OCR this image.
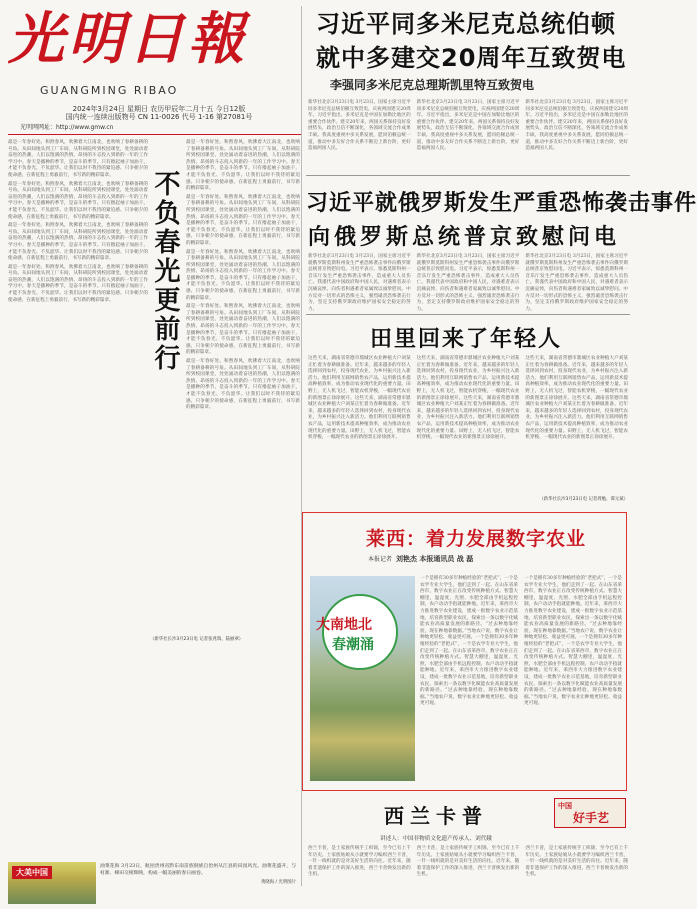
光明日報
GUANGMING RIBAO
2024年3月24日 星期日 农历甲辰年二月十五 今日12版
国内统一连续出版物号 CN 11-0026 代号 1-16 第27081号
光明网网址：http://www.gmw.cn
最是一年春好处。和煦春风，吹拂着大江南北，也吹响了春耕备耕的号角。从田间地头到工厂车间，从科研院所到校园课堂，处处涌动着奋进的热潮，人们以饱满的热情、昂扬的斗志投入到新的一年的工作学习中。春天是播种的季节，是奋斗的季节。只有撸起袖子加油干，才能不负春光、不负韶华。让我们以时不我待的紧迫感、只争朝夕的使命感，在新征程上勇毅前行，书写新的精彩篇章。
最是一年春好处。和煦春风，吹拂着大江南北，也吹响了春耕备耕的号角。从田间地头到工厂车间，从科研院所到校园课堂，处处涌动着奋进的热潮，人们以饱满的热情、昂扬的斗志投入到新的一年的工作学习中。春天是播种的季节，是奋斗的季节。只有撸起袖子加油干，才能不负春光、不负韶华。让我们以时不我待的紧迫感、只争朝夕的使命感，在新征程上勇毅前行，书写新的精彩篇章。
最是一年春好处。和煦春风，吹拂着大江南北，也吹响了春耕备耕的号角。从田间地头到工厂车间，从科研院所到校园课堂，处处涌动着奋进的热潮，人们以饱满的热情、昂扬的斗志投入到新的一年的工作学习中。春天是播种的季节，是奋斗的季节。只有撸起袖子加油干，才能不负春光、不负韶华。让我们以时不我待的紧迫感、只争朝夕的使命感，在新征程上勇毅前行，书写新的精彩篇章。
最是一年春好处。和煦春风，吹拂着大江南北，也吹响了春耕备耕的号角。从田间地头到工厂车间，从科研院所到校园课堂，处处涌动着奋进的热潮，人们以饱满的热情、昂扬的斗志投入到新的一年的工作学习中。春天是播种的季节，是奋斗的季节。只有撸起袖子加油干，才能不负春光、不负韶华。让我们以时不我待的紧迫感、只争朝夕的使命感，在新征程上勇毅前行，书写新的精彩篇章。	不负春光更前行
最是一年春好处。和煦春风，吹拂着大江南北，也吹响了春耕备耕的号角。从田间地头到工厂车间，从科研院所到校园课堂，处处涌动着奋进的热潮，人们以饱满的热情、昂扬的斗志投入到新的一年的工作学习中。春天是播种的季节，是奋斗的季节。只有撸起袖子加油干，才能不负春光、不负韶华。让我们以时不我待的紧迫感、只争朝夕的使命感，在新征程上勇毅前行，书写新的精彩篇章。
最是一年春好处。和煦春风，吹拂着大江南北，也吹响了春耕备耕的号角。从田间地头到工厂车间，从科研院所到校园课堂，处处涌动着奋进的热潮，人们以饱满的热情、昂扬的斗志投入到新的一年的工作学习中。春天是播种的季节，是奋斗的季节。只有撸起袖子加油干，才能不负春光、不负韶华。让我们以时不我待的紧迫感、只争朝夕的使命感，在新征程上勇毅前行，书写新的精彩篇章。
最是一年春好处。和煦春风，吹拂着大江南北，也吹响了春耕备耕的号角。从田间地头到工厂车间，从科研院所到校园课堂，处处涌动着奋进的热潮，人们以饱满的热情、昂扬的斗志投入到新的一年的工作学习中。春天是播种的季节，是奋斗的季节。只有撸起袖子加油干，才能不负春光、不负韶华。让我们以时不我待的紧迫感、只争朝夕的使命感，在新征程上勇毅前行，书写新的精彩篇章。
最是一年春好处。和煦春风，吹拂着大江南北，也吹响了春耕备耕的号角。从田间地头到工厂车间，从科研院所到校园课堂，处处涌动着奋进的热潮，人们以饱满的热情、昂扬的斗志投入到新的一年的工作学习中。春天是播种的季节，是奋斗的季节。只有撸起袖子加油干，才能不负春光、不负韶华。让我们以时不我待的紧迫感、只争朝夕的使命感，在新征程上勇毅前行，书写新的精彩篇章。
最是一年春好处。和煦春风，吹拂着大江南北，也吹响了春耕备耕的号角。从田间地头到工厂车间，从科研院所到校园课堂，处处涌动着奋进的热潮，人们以饱满的热情、昂扬的斗志投入到新的一年的工作学习中。春天是播种的季节，是奋斗的季节。只有撸起袖子加油干，才能不负春光、不负韶华。让我们以时不我待的紧迫感、只争朝夕的使命感，在新征程上勇毅前行，书写新的精彩篇章。
（新华社长沙3月23日电 记者张兆瑞、陆丽翠）
习近平同多米尼克总统伯顿
就中多建交20周年互致贺电
李强同多米尼克总理斯凯里特互致贺电
新华社北京3月23日电 3月23日，国家主席习近平同多米尼克总统伯顿互致贺电，庆祝两国建交20周年。习近平指出，多米尼克是中国在加勒比地区的重要合作伙伴。建交20年来，两国关系保持良好发展势头，政治互信不断深化，各领域交流合作成果丰硕。我高度重视中多关系发展，愿同伯顿总统一道，推动中多友好合作关系不断迈上新台阶，更好造福两国人民。
新华社北京3月23日电 3月23日，国家主席习近平同多米尼克总统伯顿互致贺电，庆祝两国建交20周年。习近平指出，多米尼克是中国在加勒比地区的重要合作伙伴。建交20年来，两国关系保持良好发展势头，政治互信不断深化，各领域交流合作成果丰硕。我高度重视中多关系发展，愿同伯顿总统一道，推动中多友好合作关系不断迈上新台阶，更好造福两国人民。
新华社北京3月23日电 3月23日，国家主席习近平同多米尼克总统伯顿互致贺电，庆祝两国建交20周年。习近平指出，多米尼克是中国在加勒比地区的重要合作伙伴。建交20年来，两国关系保持良好发展势头，政治互信不断深化，各领域交流合作成果丰硕。我高度重视中多关系发展，愿同伯顿总统一道，推动中多友好合作关系不断迈上新台阶，更好造福两国人民。
习近平就俄罗斯发生严重恐怖袭击事件
向俄罗斯总统普京致慰问电
新华社北京3月23日电 3月23日，国家主席习近平就俄罗斯莫斯科州发生严重恐怖袭击事件向俄罗斯总统普京致慰问电。习近平表示，惊悉莫斯科州一音乐厅发生严重恐怖袭击事件，造成重大人员伤亡。我谨代表中国政府和中国人民，对遇难者表示沉痛哀悼，向伤者和遇难者家属致以诚挚慰问。中方反对一切形式的恐怖主义，强烈谴责恐怖袭击行为，坚定支持俄罗斯政府维护国家安全稳定的努力。
新华社北京3月23日电 3月23日，国家主席习近平就俄罗斯莫斯科州发生严重恐怖袭击事件向俄罗斯总统普京致慰问电。习近平表示，惊悉莫斯科州一音乐厅发生严重恐怖袭击事件，造成重大人员伤亡。我谨代表中国政府和中国人民，对遇难者表示沉痛哀悼，向伤者和遇难者家属致以诚挚慰问。中方反对一切形式的恐怖主义，强烈谴责恐怖袭击行为，坚定支持俄罗斯政府维护国家安全稳定的努力。
新华社北京3月23日电 3月23日，国家主席习近平就俄罗斯莫斯科州发生严重恐怖袭击事件向俄罗斯总统普京致慰问电。习近平表示，惊悉莫斯科州一音乐厅发生严重恐怖袭击事件，造成重大人员伤亡。我谨代表中国政府和中国人民，对遇难者表示沉痛哀悼，向伤者和遇难者家属致以诚挚慰问。中方反对一切形式的恐怖主义，强烈谴责恐怖袭击行为，坚定支持俄罗斯政府维护国家安全稳定的努力。
田里回来了年轻人
这些天来，湖南省常德市鼎城区农业种植大户刘某正忙着为春耕做准备。近年来，越来越多的年轻人选择回到农村，投身现代农业，为乡村振兴注入新活力。他们利用互联网销售农产品，运用新技术提高种植效率，成为推动农业现代化的重要力量。田野上，无人机飞过，智能农机穿梭，一幅现代农业的新图景正徐徐展开。这些天来，湖南省常德市鼎城区农业种植大户刘某正忙着为春耕做准备。近年来，越来越多的年轻人选择回到农村，投身现代农业，为乡村振兴注入新活力。他们利用互联网销售农产品，运用新技术提高种植效率，成为推动农业现代化的重要力量。田野上，无人机飞过，智能农机穿梭，一幅现代农业的新图景正徐徐展开。
这些天来，湖南省常德市鼎城区农业种植大户刘某正忙着为春耕做准备。近年来，越来越多的年轻人选择回到农村，投身现代农业，为乡村振兴注入新活力。他们利用互联网销售农产品，运用新技术提高种植效率，成为推动农业现代化的重要力量。田野上，无人机飞过，智能农机穿梭，一幅现代农业的新图景正徐徐展开。这些天来，湖南省常德市鼎城区农业种植大户刘某正忙着为春耕做准备。近年来，越来越多的年轻人选择回到农村，投身现代农业，为乡村振兴注入新活力。他们利用互联网销售农产品，运用新技术提高种植效率，成为推动农业现代化的重要力量。田野上，无人机飞过，智能农机穿梭，一幅现代农业的新图景正徐徐展开。
这些天来，湖南省常德市鼎城区农业种植大户刘某正忙着为春耕做准备。近年来，越来越多的年轻人选择回到农村，投身现代农业，为乡村振兴注入新活力。他们利用互联网销售农产品，运用新技术提高种植效率，成为推动农业现代化的重要力量。田野上，无人机飞过，智能农机穿梭，一幅现代农业的新图景正徐徐展开。这些天来，湖南省常德市鼎城区农业种植大户刘某正忙着为春耕做准备。近年来，越来越多的年轻人选择回到农村，投身现代农业，为乡村振兴注入新活力。他们利用互联网销售农产品，运用新技术提高种植效率，成为推动农业现代化的重要力量。田野上，无人机飞过，智能农机穿梭，一幅现代农业的新图景正徐徐展开。
（新华社长沙3月23日电 记者周勉、谭元斌）
莱西：着力发展数字农业
本报记者 刘艳杰 本报通讯员 战 磊
大南地北
春潮涌
一个是拥有30多年种植经验的“老把式”，一个是农学专业大学生，他们走到了一起。在山东省莱西市，数字农业正在改变传统种植方式。智慧大棚里，温湿度、光照、水肥全部由手机远程控制，农户动动手指就能种地。近年来，莱西市大力推进数字农业建设，建成一批数字农业示范基地，培育新型职业农民，探索出一条以数字化赋能农业高质量发展的新路径。“过去种地靠经验，现在种地靠数据。”当地农户说，数字农业让种地更轻松、收益更可观。一个是拥有30多年种植经验的“老把式”，一个是农学专业大学生，他们走到了一起。在山东省莱西市，数字农业正在改变传统种植方式。智慧大棚里，温湿度、光照、水肥全部由手机远程控制，农户动动手指就能种地。近年来，莱西市大力推进数字农业建设，建成一批数字农业示范基地，培育新型职业农民，探索出一条以数字化赋能农业高质量发展的新路径。“过去种地靠经验，现在种地靠数据。”当地农户说，数字农业让种地更轻松、收益更可观。
一个是拥有30多年种植经验的“老把式”，一个是农学专业大学生，他们走到了一起。在山东省莱西市，数字农业正在改变传统种植方式。智慧大棚里，温湿度、光照、水肥全部由手机远程控制，农户动动手指就能种地。近年来，莱西市大力推进数字农业建设，建成一批数字农业示范基地，培育新型职业农民，探索出一条以数字化赋能农业高质量发展的新路径。“过去种地靠经验，现在种地靠数据。”当地农户说，数字农业让种地更轻松、收益更可观。一个是拥有30多年种植经验的“老把式”，一个是农学专业大学生，他们走到了一起。在山东省莱西市，数字农业正在改变传统种植方式。智慧大棚里，温湿度、光照、水肥全部由手机远程控制，农户动动手指就能种地。近年来，莱西市大力推进数字农业建设，建成一批数字农业示范基地，培育新型职业农民，探索出一条以数字化赋能农业高质量发展的新路径。“过去种地靠经验，现在种地靠数据。”当地农户说，数字农业让种地更轻松、收益更可观。
西兰卡普	中国
好手艺
讲述人：中国非物质文化遗产传承人、刘代娥
西兰卡普，是土家族传统手工织锦，至今已有上千年历史。土家族姑娘从小就要学习编织西兰卡普，一针一线织就的是对美好生活的向往。近年来，随着非遗保护工作的深入推进，西兰卡普焕发出新的生机。
西兰卡普，是土家族传统手工织锦，至今已有上千年历史。土家族姑娘从小就要学习编织西兰卡普，一针一线织就的是对美好生活的向往。近年来，随着非遗保护工作的深入推进，西兰卡普焕发出新的生机。
西兰卡普，是土家族传统手工织锦，至今已有上千年历史。土家族姑娘从小就要学习编织西兰卡普，一针一线织就的是对美好生活的向往。近年来，随着非遗保护工作的深入推进，西兰卡普焕发出新的生机。
大美中国
油菜花海 3月23日，航拍贵州省黔东南苗族侗族自治州从江县的田园风光。油菜花盛开，与村寨、梯田交相辉映，构成一幅美丽的春日画卷。
黄晓海 / 光明图片
